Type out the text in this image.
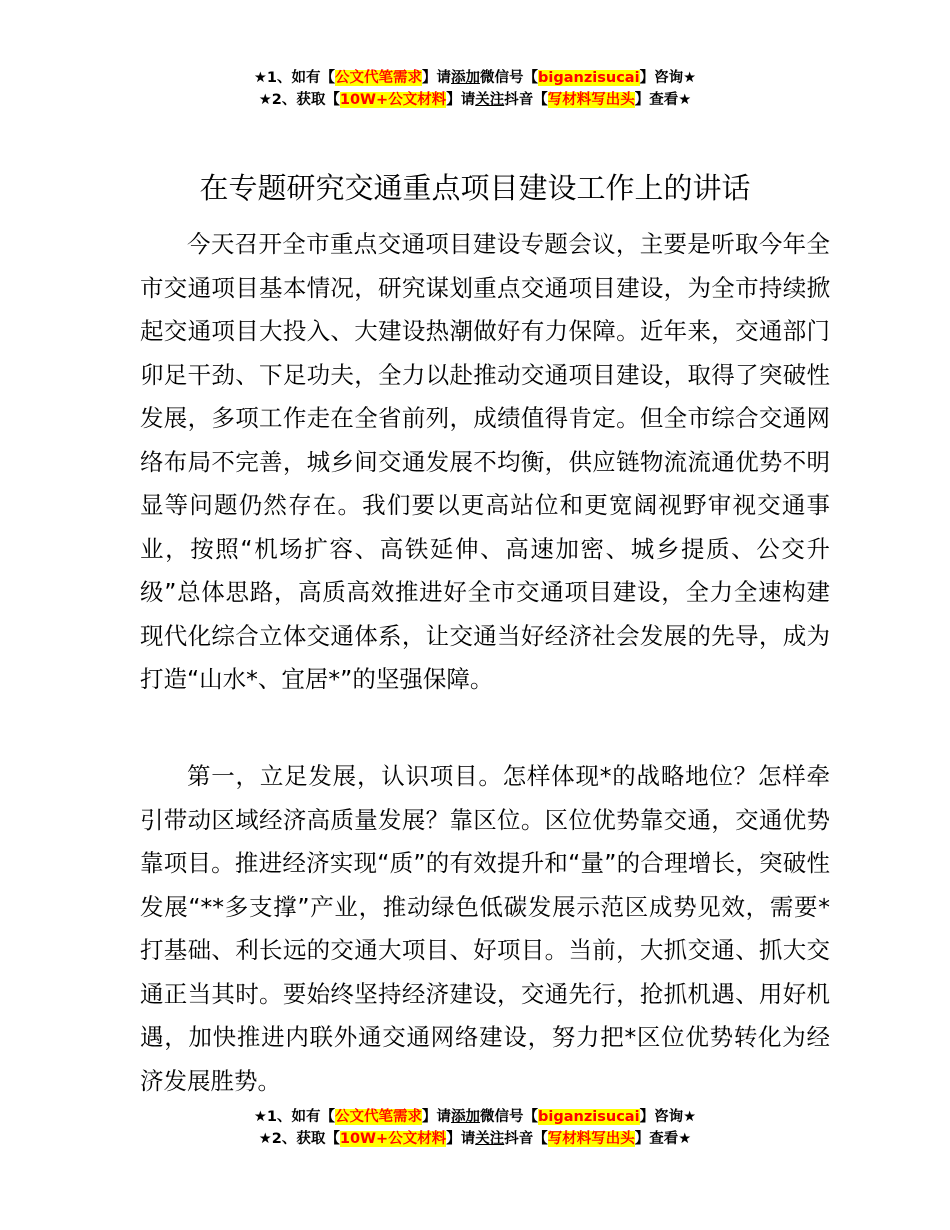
★1、如有【公文代笔需求】请添加微信号【biganzisucai】咨询★
★2、获取【10W+公文材料】请关注抖音【写材料写出头】查看★
在专题研究交通重点项目建设工作上的讲话

今天召开全市重点交通项目建设专题会议，主要是听取今年全市交通项目基本情况，研究谋划重点交通项目建设，为全市持续掀起交通项目大投入、大建设热潮做好有力保障。近年来，交通部门卯足干劲、下足功夫，全力以赴推动交通项目建设，取得了突破性发展，多项工作走在全省前列，成绩值得肯定。但全市综合交通网络布局不完善，城乡间交通发展不均衡，供应链物流流通优势不明显等问题仍然存在。我们要以更高站位和更宽阔视野审视交通事业，按照“机场扩容、高铁延伸、高速加密、城乡提质、公交升级”总体思路，高质高效推进好全市交通项目建设，全力全速构建现代化综合立体交通体系，让交通当好经济社会发展的先导，成为打造“山水*、宜居*”的坚强保障。

第一，立足发展，认识项目。怎样体现*的战略地位？怎样牵引带动区域经济高质量发展？靠区位。区位优势靠交通，交通优势靠项目。推进经济实现“质”的有效提升和“量”的合理增长，突破性发展“**多支撑”产业，推动绿色低碳发展示范区成势见效，需要*打基础、利长远的交通大项目、好项目。当前，大抓交通、抓大交通正当其时。要始终坚持经济建设，交通先行，抢抓机遇、用好机遇，加快推进内联外通交通网络建设，努力把*区位优势转化为经济发展胜势。

★1、如有【公文代笔需求】请添加微信号【biganzisucai】咨询★
★2、获取【10W+公文材料】请关注抖音【写材料写出头】查看★
